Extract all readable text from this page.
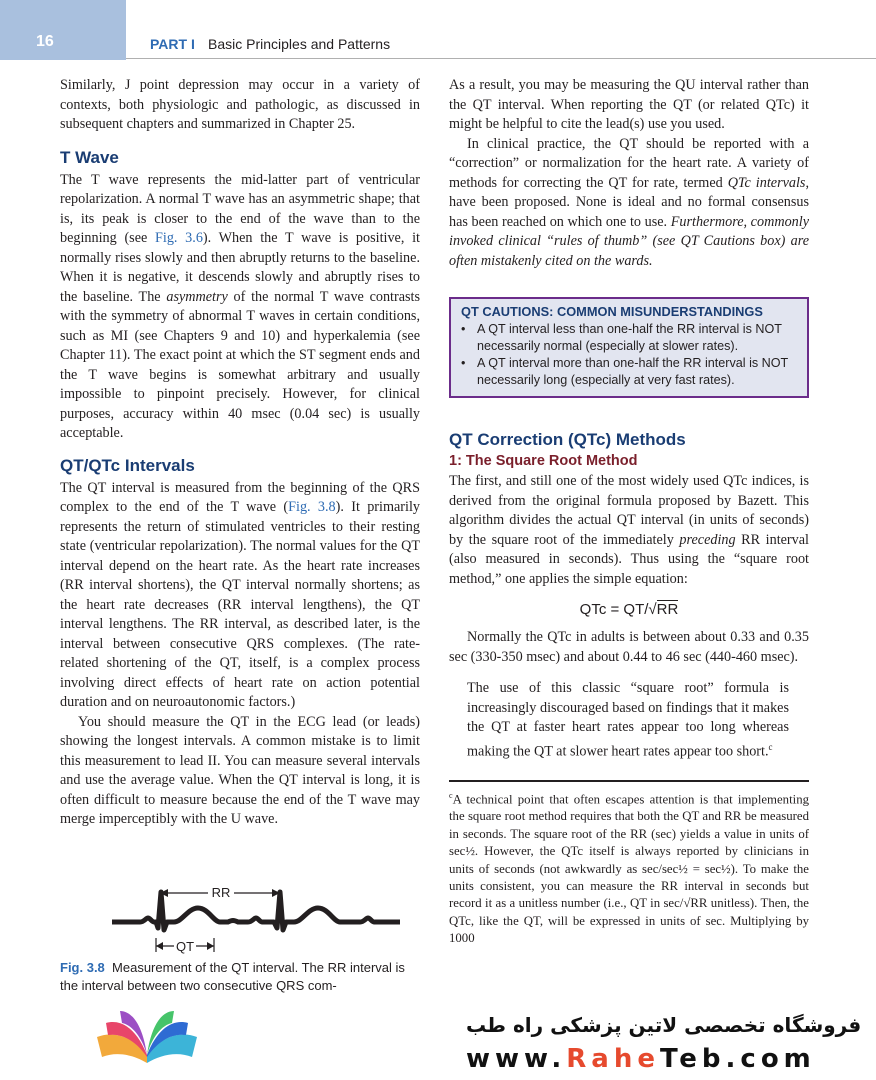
16	PART I Basic Principles and Patterns

Similarly, J point depression may occur in a variety of contexts, both physiologic and pathologic, as discussed in subsequent chapters and summarized in Chapter 25.

T Wave

The T wave represents the mid-latter part of ventricular repolarization. A normal T wave has an asymmetric shape; that is, its peak is closer to the end of the wave than to the beginning (see Fig. 3.6). When the T wave is positive, it normally rises slowly and then abruptly returns to the baseline. When it is negative, it descends slowly and abruptly rises to the baseline. The asymmetry of the normal T wave contrasts with the symmetry of abnormal T waves in certain conditions, such as MI (see Chapters 9 and 10) and hyperkalemia (see Chapter 11). The exact point at which the ST segment ends and the T wave begins is somewhat arbitrary and usually impossible to pinpoint precisely. However, for clinical purposes, accuracy within 40 msec (0.04 sec) is usually acceptable.

QT/QTc Intervals

The QT interval is measured from the beginning of the QRS complex to the end of the T wave (Fig. 3.8). It primarily represents the return of stimulated ventricles to their resting state (ventricular repolarization). The normal values for the QT interval depend on the heart rate. As the heart rate increases (RR interval shortens), the QT interval normally shortens; as the heart rate decreases (RR interval lengthens), the QT interval lengthens. The RR interval, as described later, is the interval between consecutive QRS complexes. (The rate-related shortening of the QT, itself, is a complex process involving direct effects of heart rate on action potential duration and on neuroautonomic factors.)

You should measure the QT in the ECG lead (or leads) showing the longest intervals. A common mistake is to limit this measurement to lead II. You can measure several intervals and use the average value. When the QT interval is long, it is often difficult to measure because the end of the T wave may merge imperceptibly with the U wave.

RR
QT
Fig. 3.8 Measurement of the QT interval. The RR interval is the interval between two consecutive QRS com-

As a result, you may be measuring the QU interval rather than the QT interval. When reporting the QT (or related QTc) it might be helpful to cite the lead(s) use you used.

In clinical practice, the QT should be reported with a “correction” or normalization for the heart rate. A variety of methods for correcting the QT for rate, termed QTc intervals, have been proposed. None is ideal and no formal consensus has been reached on which one to use. Furthermore, commonly invoked clinical “rules of thumb” (see QT Cautions box) are often mistakenly cited on the wards.

QT CAUTIONS: COMMON MISUNDERSTANDINGS
• A QT interval less than one-half the RR interval is NOT necessarily normal (especially at slower rates).
• A QT interval more than one-half the RR interval is NOT necessarily long (especially at very fast rates).
QT Correction (QTc) Methods
1: The Square Root Method

The first, and still one of the most widely used QTc indices, is derived from the original formula proposed by Bazett. This algorithm divides the actual QT interval (in units of seconds) by the square root of the immediately preceding RR interval (also measured in seconds). Thus using the “square root method,” one applies the simple equation:

QTc = QT/√RR

Normally the QTc in adults is between about 0.33 and 0.35 sec (330-350 msec) and about 0.44 to 46 sec (440-460 msec).

The use of this classic “square root” formula is increasingly discouraged based on findings that it makes the QT at faster heart rates appear too long whereas making the QT at slower heart rates appear too short.$^c$

$^c$A technical point that often escapes attention is that implementing the square root method requires that both the QT and RR be measured in seconds. The square root of the RR (sec) yields a value in units of sec½. However, the QTc itself is always reported by clinicians in units of seconds (not awkwardly as sec/sec½ = sec½). To make the units consistent, you can measure the RR interval in seconds but record it as a unitless number (i.e., QT in sec/√RR unitless). Then, the QTc, like the QT, will be expressed in units of sec. Multiplying by 1000

فروشگاه تخصصی لاتین پزشکی راه طب
www.RaheTeb.com
